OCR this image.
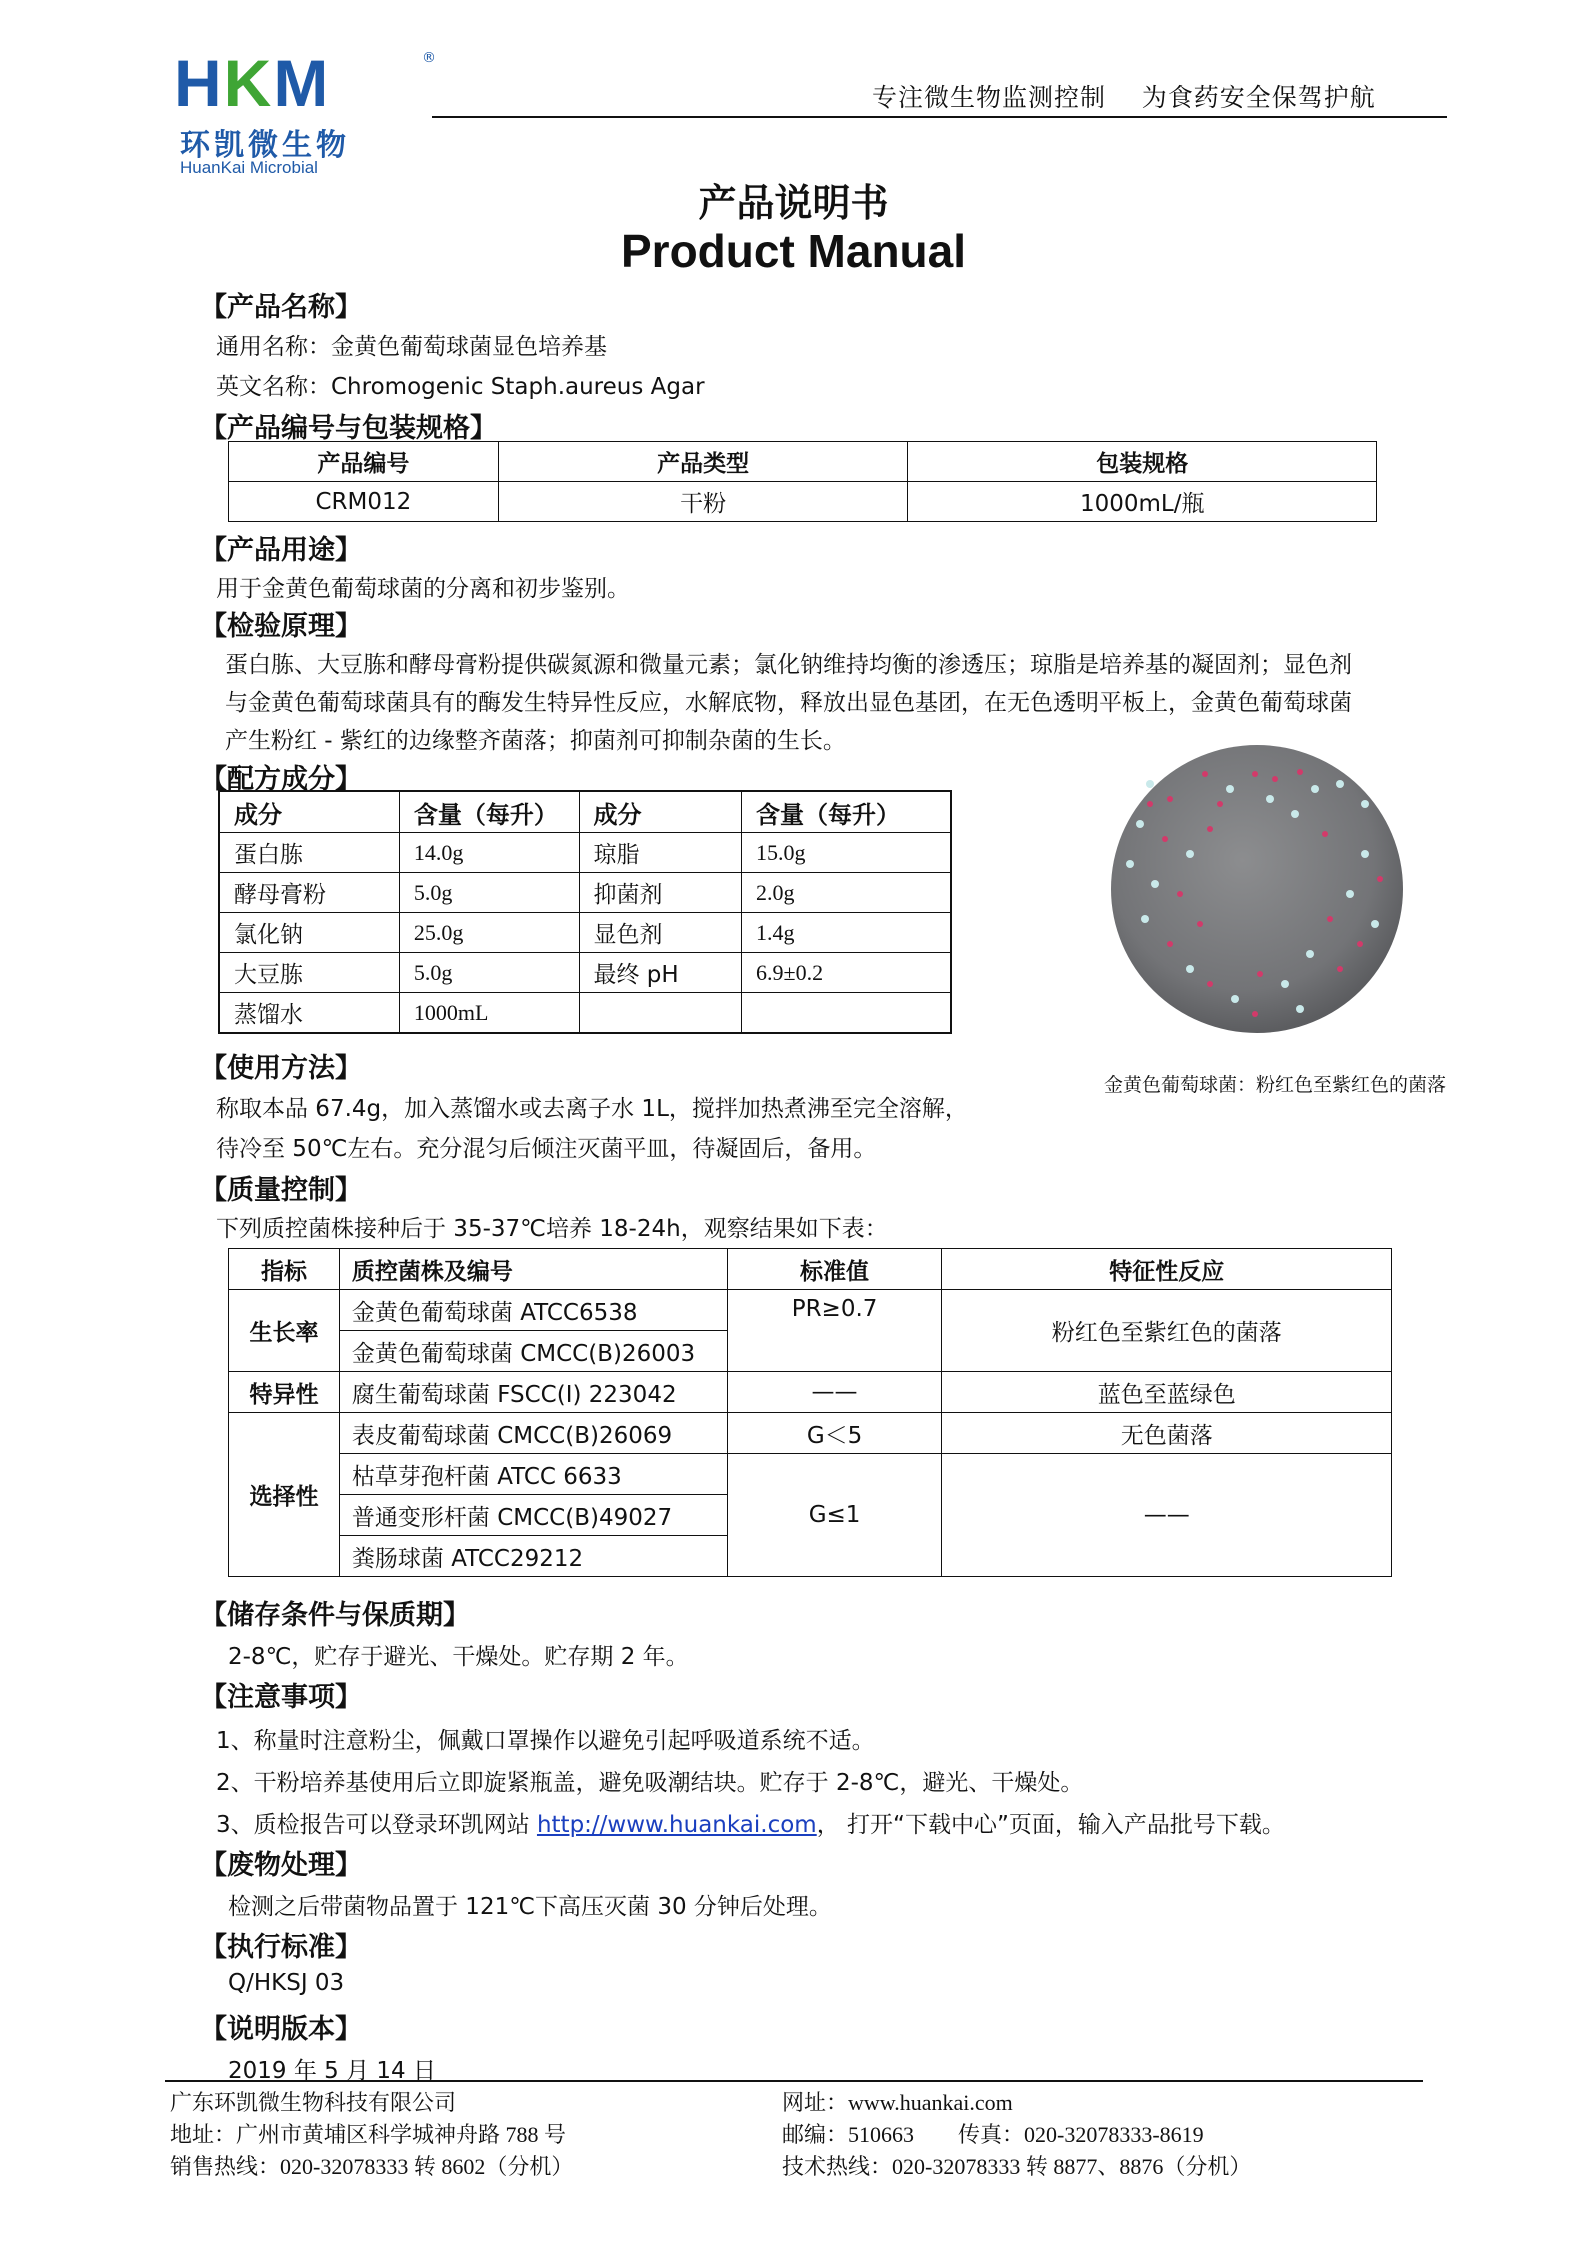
HKM	®
环凯微生物
HuanKai Microbial
专注微生物监测控制    为食药安全保驾护航
产品说明书
Product Manual
【产品名称】
通用名称：金黄色葡萄球菌显色培养基
英文名称：Chromogenic Staph.aureus Agar
【产品编号与包装规格】
产品编号	产品类型	包装规格
CRM012	干粉	1000mL/瓶
【产品用途】
用于金黄色葡萄球菌的分离和初步鉴别。
【检验原理】
蛋白胨、大豆胨和酵母膏粉提供碳氮源和微量元素；氯化钠维持均衡的渗透压；琼脂是培养基的凝固剂；显色剂
与金黄色葡萄球菌具有的酶发生特异性反应，水解底物，释放出显色基团，在无色透明平板上，金黄色葡萄球菌
产生粉红 - 紫红的边缘整齐菌落；抑菌剂可抑制杂菌的生长。
【配方成分】
成分	含量（每升）	成分	含量（每升）
蛋白胨	14.0g	琼脂	15.0g
酵母膏粉	5.0g	抑菌剂	2.0g
氯化钠	25.0g	显色剂	1.4g
大豆胨	5.0g	最终 pH	6.9±0.2
蒸馏水	1000mL		
金黄色葡萄球菌：粉红色至紫红色的菌落
【使用方法】
称取本品 67.4g，加入蒸馏水或去离子水 1L，搅拌加热煮沸至完全溶解，
待冷至 50℃左右。充分混匀后倾注灭菌平皿，待凝固后，备用。
【质量控制】
下列质控菌株接种后于 35-37℃培养 18-24h，观察结果如下表：
指标	质控菌株及编号	标准值	特征性反应
生长率	金黄色葡萄球菌 ATCC6538	PR≥0.7	粉红色至紫红色的菌落
	金黄色葡萄球菌 CMCC(B)26003		
特异性	腐生葡萄球菌 FSCC(I) 223042	——	蓝色至蓝绿色
选择性	表皮葡萄球菌 CMCC(B)26069	G＜5	无色菌落
	枯草芽孢杆菌 ATCC 6633	G≤1	——
	普通变形杆菌 CMCC(B)49027		
	粪肠球菌 ATCC29212		
【储存条件与保质期】
2-8℃，贮存于避光、干燥处。贮存期 2 年。
【注意事项】
1、称量时注意粉尘，佩戴口罩操作以避免引起呼吸道系统不适。
2、干粉培养基使用后立即旋紧瓶盖，避免吸潮结块。贮存于 2-8℃，避光、干燥处。
3、质检报告可以登录环凯网站 http://www.huankai.com， 打开“下载中心”页面，输入产品批号下载。
【废物处理】
检测之后带菌物品置于 121℃下高压灭菌 30 分钟后处理。
【执行标准】
Q/HKSJ 03
【说明版本】
2019 年 5 月 14 日
广东环凯微生物科技有限公司
地址：广州市黄埔区科学城神舟路 788 号
销售热线：020-32078333 转 8602（分机）
网址：www.huankai.com
邮编：510663 传真：020-32078333-8619
技术热线：020-32078333 转 8877、8876（分机）
